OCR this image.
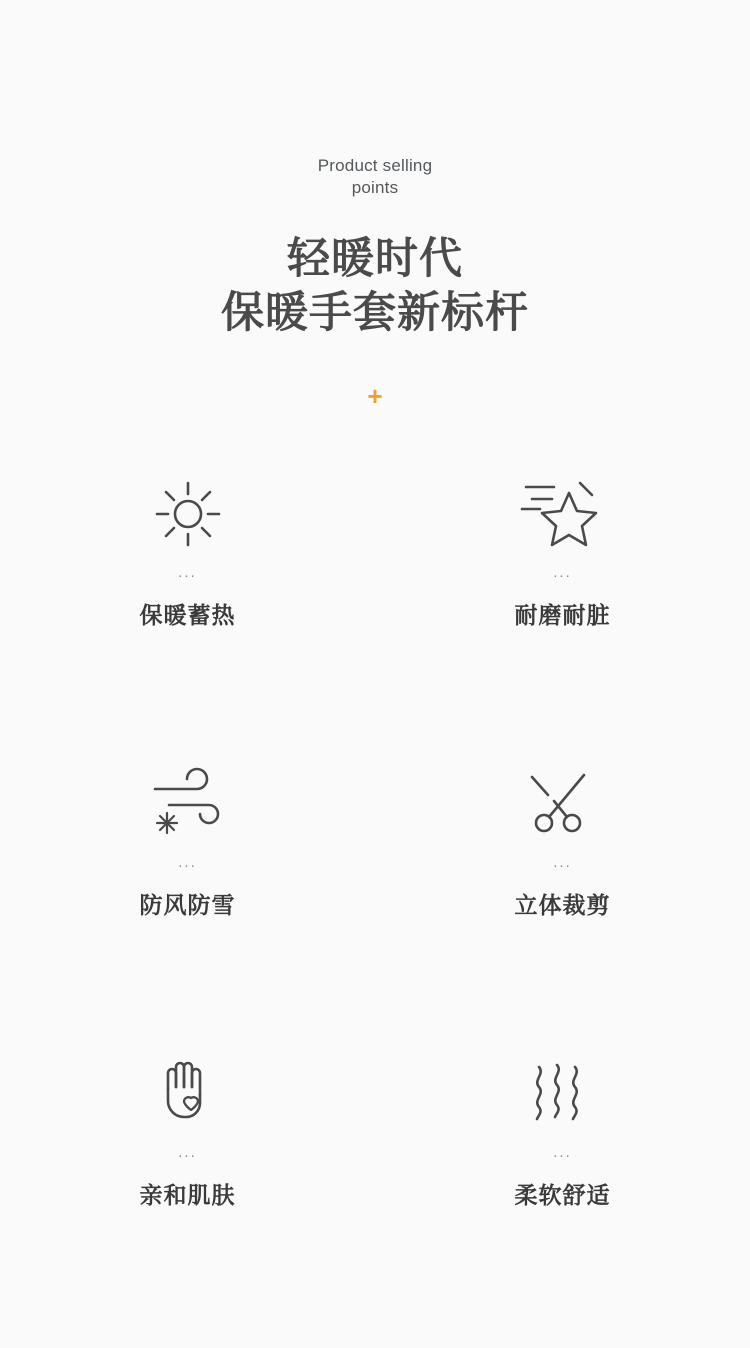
Product selling
points
轻暖时代
保暖手套新标杆
+
...
保暖蓄热
...
耐磨耐脏
...
防风防雪
...
立体裁剪
...
亲和肌肤
...
柔软舒适
